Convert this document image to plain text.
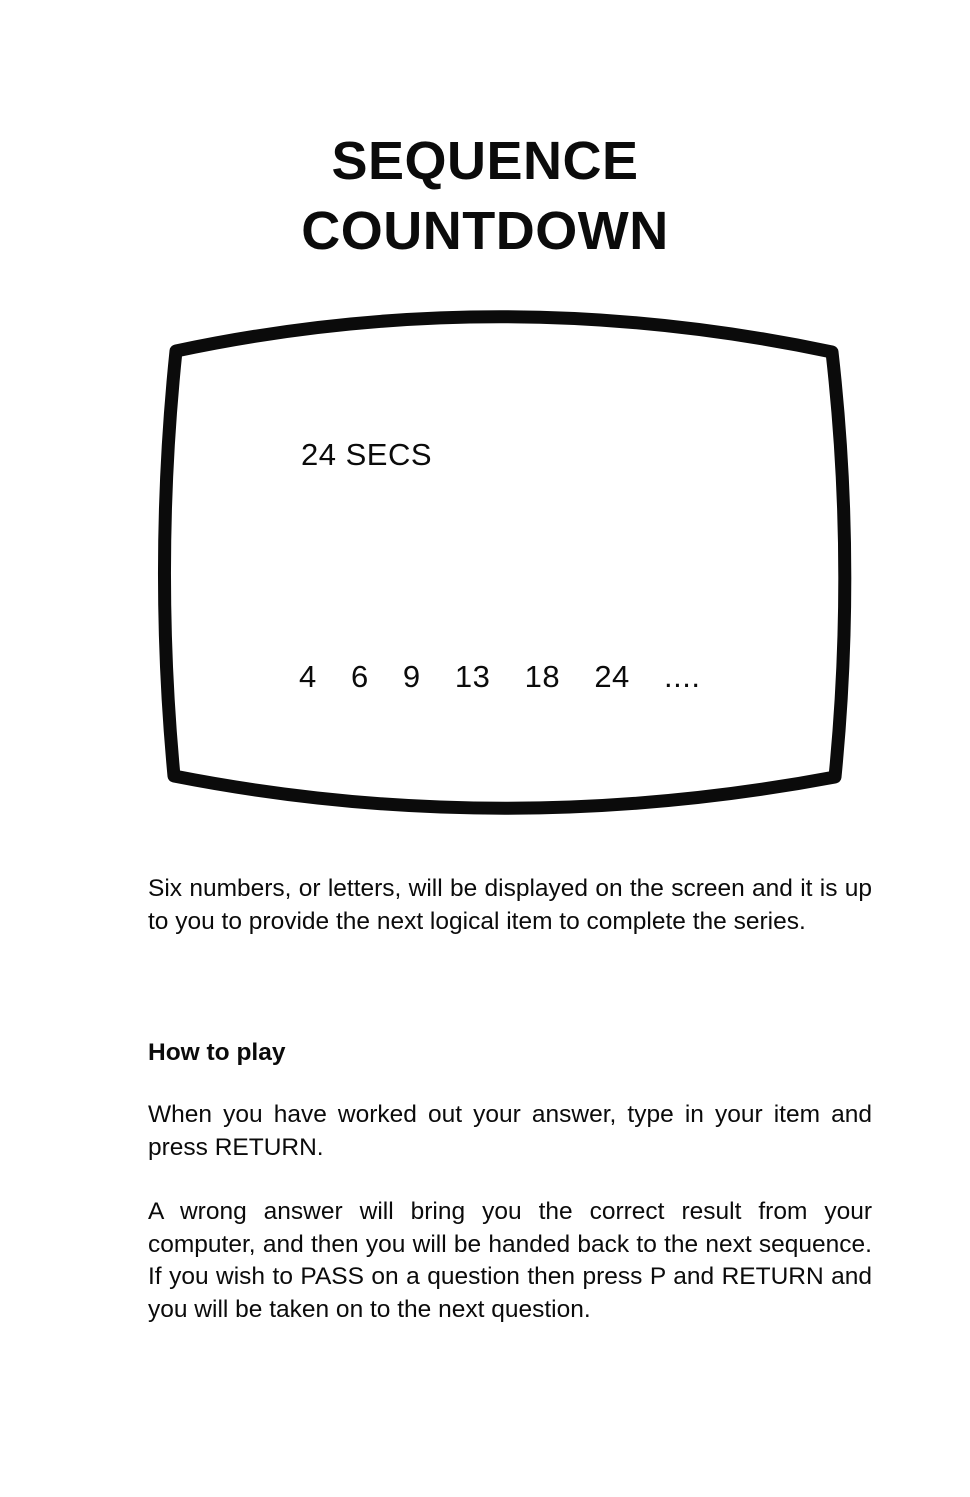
SEQUENCE
COUNTDOWN
24 SECS
4  6  9  13  18  24  ....

Six numbers, or letters, will be displayed on the screen and it is up to you to provide the next logical item to complete the series.

How to play

When you have worked out your answer, type in your item and press RETURN.

A wrong answer will bring you the correct result from your computer, and then you will be handed back to the next sequence. If you wish to PASS on a question then press P and RETURN and you will be taken on to the next question.
